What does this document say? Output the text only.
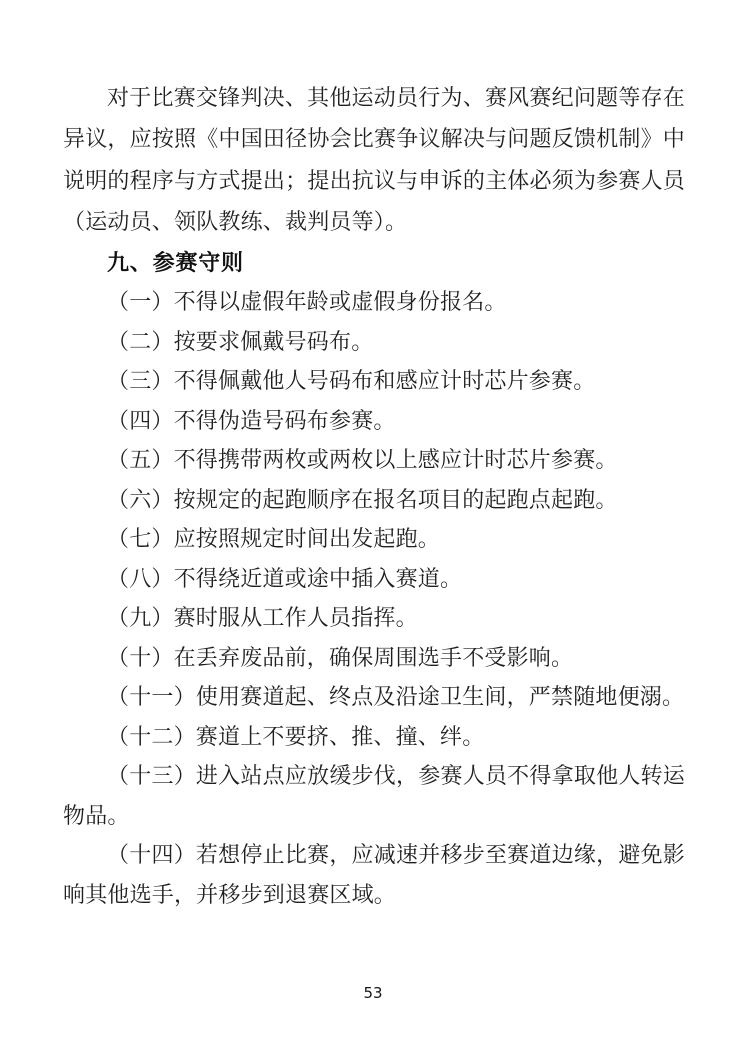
对于比赛交锋判决、其他运动员行为、赛风赛纪问题等存在
异议，应按照《中国田径协会比赛争议解决与问题反馈机制》中
说明的程序与方式提出；提出抗议与申诉的主体必须为参赛人员
（运动员、领队教练、裁判员等）。
九、参赛守则
（一）不得以虚假年龄或虚假身份报名。
（二）按要求佩戴号码布。
（三）不得佩戴他人号码布和感应计时芯片参赛。
（四）不得伪造号码布参赛。
（五）不得携带两枚或两枚以上感应计时芯片参赛。
（六）按规定的起跑顺序在报名项目的起跑点起跑。
（七）应按照规定时间出发起跑。
（八）不得绕近道或途中插入赛道。
（九）赛时服从工作人员指挥。
（十）在丢弃废品前，确保周围选手不受影响。
（十一）使用赛道起、终点及沿途卫生间，严禁随地便溺。
（十二）赛道上不要挤、推、撞、绊。
（十三）进入站点应放缓步伐，参赛人员不得拿取他人转运
物品。
（十四）若想停止比赛，应减速并移步至赛道边缘，避免影
响其他选手，并移步到退赛区域。
53
